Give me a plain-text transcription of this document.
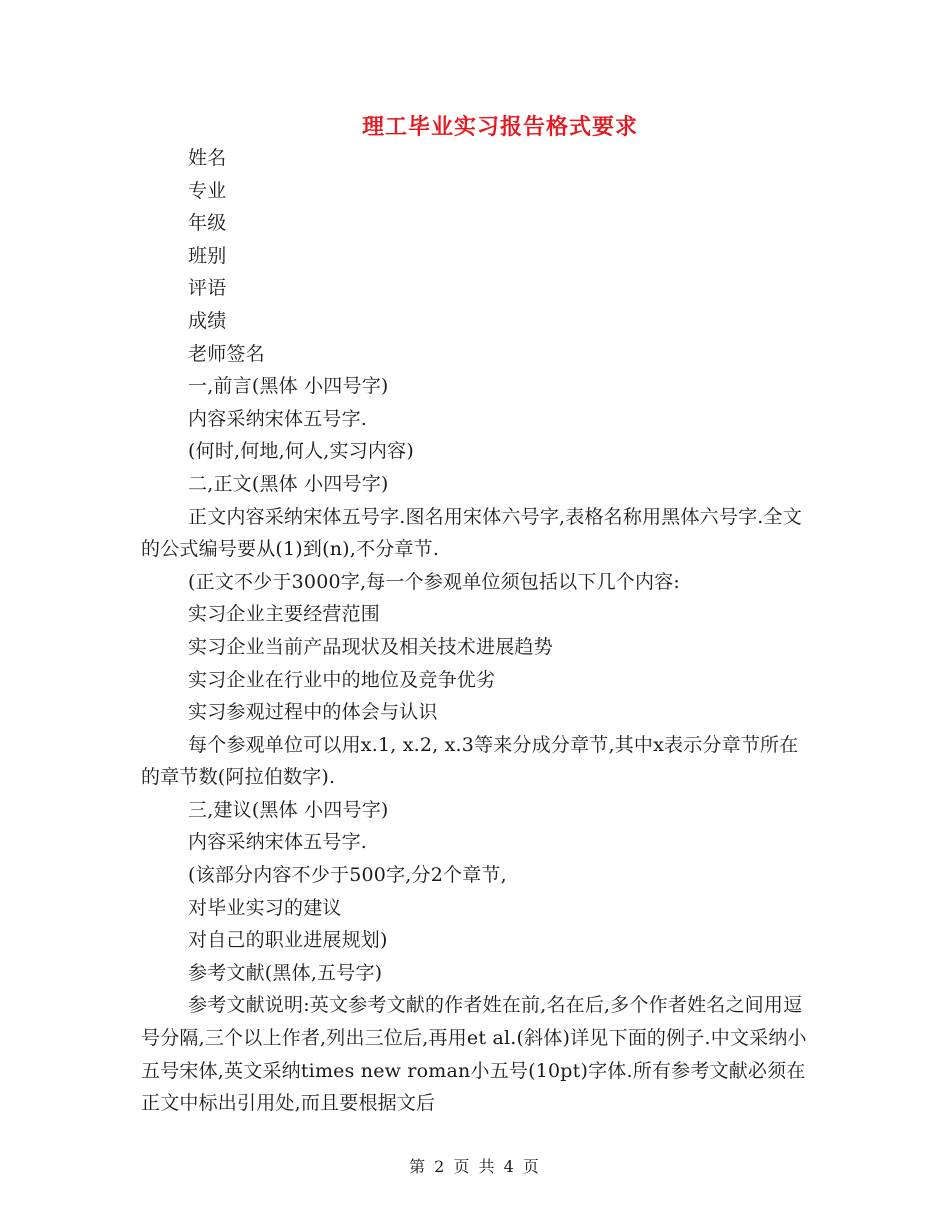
理工毕业实习报告格式要求

姓名

专业

年级

班别

评语

成绩

老师签名

一,前言(黑体 小四号字)

内容采纳宋体五号字.

(何时,何地,何人,实习内容)

二,正文(黑体 小四号字)

正文内容采纳宋体五号字.图名用宋体六号字,表格名称用黑体六号字.全文的公式编号要从(1)到(n),不分章节.

(正文不少于3000字,每一个参观单位须包括以下几个内容:

实习企业主要经营范围

实习企业当前产品现状及相关技术进展趋势

实习企业在行业中的地位及竞争优劣

实习参观过程中的体会与认识

每个参观单位可以用x.1, x.2, x.3等来分成分章节,其中x表示分章节所在的章节数(阿拉伯数字).

三,建议(黑体 小四号字)

内容采纳宋体五号字.

(该部分内容不少于500字,分2个章节,

对毕业实习的建议

对自己的职业进展规划)

参考文献(黑体,五号字)

参考文献说明:英文参考文献的作者姓在前,名在后,多个作者姓名之间用逗号分隔,三个以上作者,列出三位后,再用et al.(斜体)详见下面的例子.中文采纳小五号宋体,英文采纳times new roman小五号(10pt)字体.所有参考文献必须在正文中标出引用处,而且要根据文后

第 2 页 共 4 页
